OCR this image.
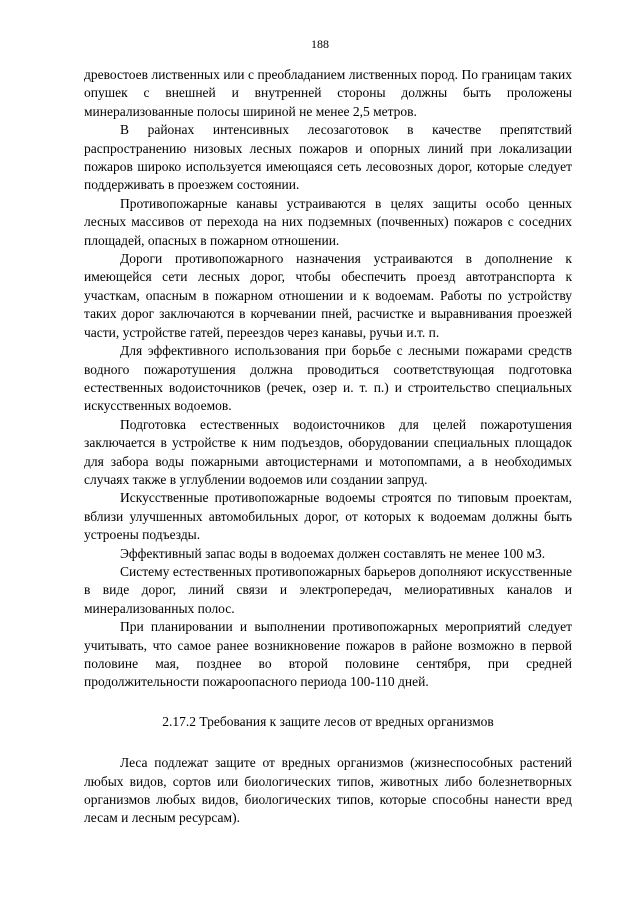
188

древостоев лиственных или с преобладанием лиственных пород. По границам таких опушек с внешней и внутренней стороны должны быть проложены минерализованные полосы шириной не менее 2,5 метров.

В районах интенсивных лесозаготовок в качестве препятствий распространению низовых лесных пожаров и опорных линий при локализации пожаров широко используется имеющаяся сеть лесовозных дорог, которые следует поддерживать в проезжем состоянии.

Противопожарные канавы устраиваются в целях защиты особо ценных лесных массивов от перехода на них подземных (почвенных) пожаров с соседних площадей, опасных в пожарном отношении.

Дороги противопожарного назначения устраиваются в дополнение к имеющейся сети лесных дорог, чтобы обеспечить проезд автотранспорта к участкам, опасным в пожарном отношении и к водоемам. Работы по устройству таких дорог заключаются в корчевании пней, расчистке и выравнивания проезжей части, устройстве гатей, переездов через канавы, ручьи и.т. п.

Для эффективного использования при борьбе с лесными пожарами средств водного пожаротушения должна проводиться соответствующая подготовка естественных водоисточников (речек, озер и. т. п.) и строительство специальных искусственных водоемов.

Подготовка естественных водоисточников для целей пожаротушения заключается в устройстве к ним подъездов, оборудовании специальных площадок для забора воды пожарными автоцистернами и мотопомпами, а в необходимых случаях также в углублении водоемов или создании запруд.

Искусственные противопожарные водоемы строятся по типовым проектам, вблизи улучшенных автомобильных дорог, от которых к водоемам должны быть устроены подъезды.

Эффективный запас воды в водоемах должен составлять не менее 100 м3.

Систему естественных противопожарных барьеров дополняют искусственные в виде дорог, линий связи и электропередач, мелиоративных каналов и минерализованных полос.

При планировании и выполнении противопожарных мероприятий следует учитывать, что самое ранее возникновение пожаров в районе возможно в первой половине мая, позднее во второй половине сентября, при средней продолжительности пожароопасного периода 100-110 дней.

2.17.2 Требования к защите лесов от вредных организмов

Леса подлежат защите от вредных организмов (жизнеспособных растений любых видов, сортов или биологических типов, животных либо болезнетворных организмов любых видов, биологических типов, которые способны нанести вред лесам и лесным ресурсам).
